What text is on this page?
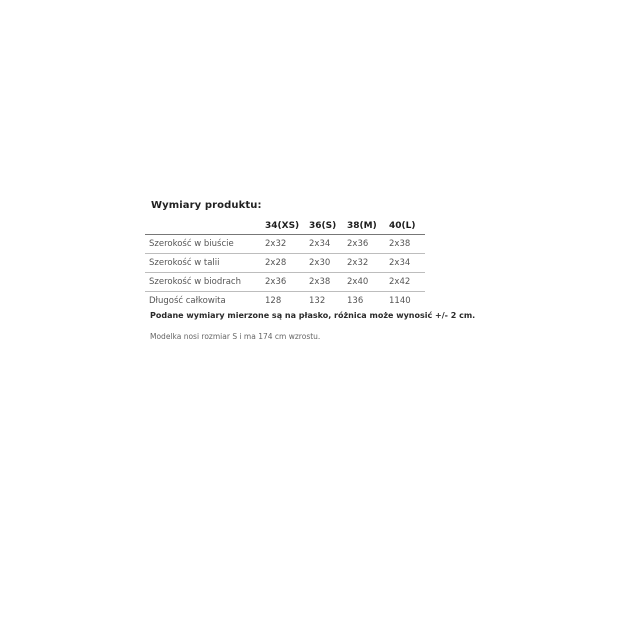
Wymiary produktu:
	34(XS)	36(S)	38(M)	40(L)
Szerokość w biuście	2x32	2x34	2x36	2x38
Szerokość w talii	2x28	2x30	2x32	2x34
Szerokość w biodrach	2x36	2x38	2x40	2x42
Długość całkowita	128	132	136	1140
Podane wymiary mierzone są na płasko, różnica może wynosić +/- 2 cm.
Modelka nosi rozmiar S i ma 174 cm wzrostu.
